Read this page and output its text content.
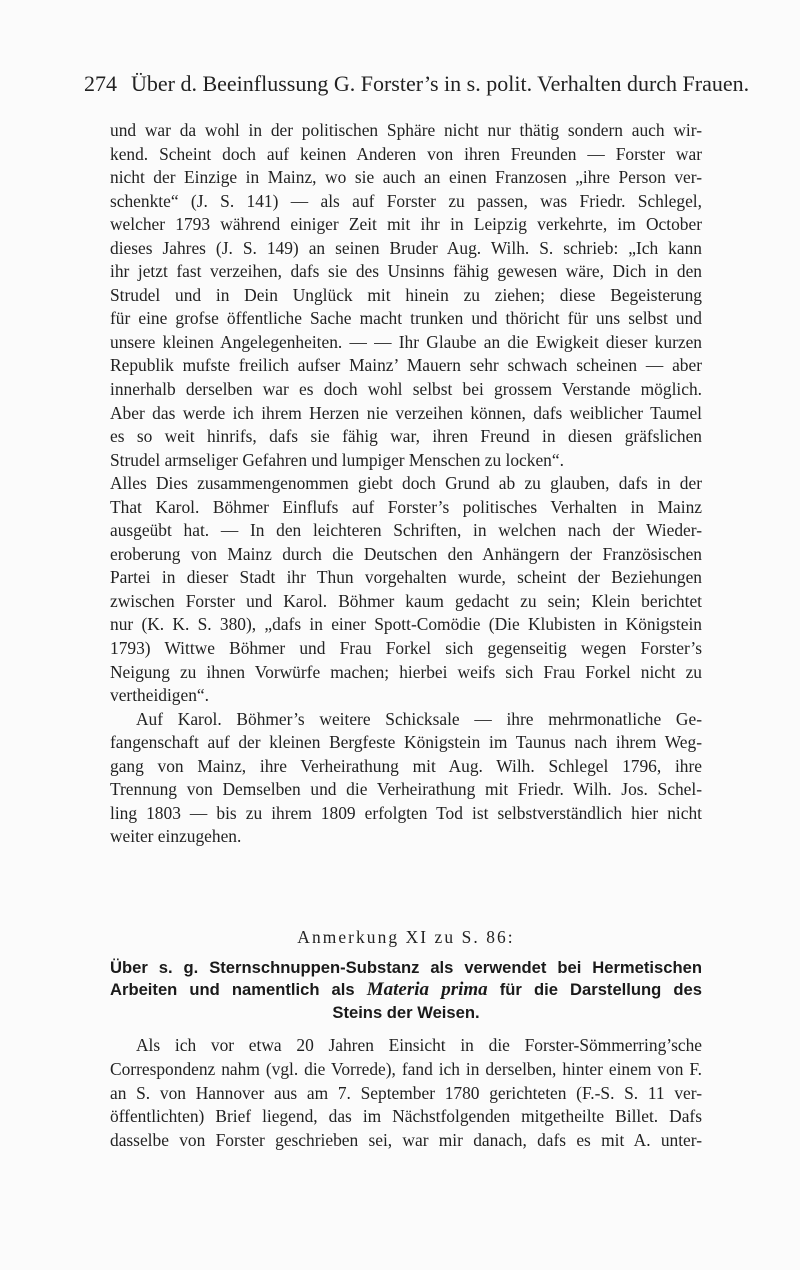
274 Über d. Beeinflussung G. Forster’s in s. polit. Verhalten durch Frauen.
und war da wohl in der politischen Sphäre nicht nur thätig sondern auch wir-
kend. Scheint doch auf keinen Anderen von ihren Freunden — Forster war
nicht der Einzige in Mainz, wo sie auch an einen Franzosen „ihre Person ver-
schenkte“ (J. S. 141) — als auf Forster zu passen, was Friedr. Schlegel,
welcher 1793 während einiger Zeit mit ihr in Leipzig verkehrte, im October
dieses Jahres (J. S. 149) an seinen Bruder Aug. Wilh. S. schrieb: „Ich kann
ihr jetzt fast verzeihen, dafs sie des Unsinns fähig gewesen wäre, Dich in den
Strudel und in Dein Unglück mit hinein zu ziehen; diese Begeisterung
für eine grofse öffentliche Sache macht trunken und thöricht für uns selbst und
unsere kleinen Angelegenheiten. — — Ihr Glaube an die Ewigkeit dieser kurzen
Republik mufste freilich aufser Mainz’ Mauern sehr schwach scheinen — aber
innerhalb derselben war es doch wohl selbst bei grossem Verstande möglich.
Aber das werde ich ihrem Herzen nie verzeihen können, dafs weiblicher Taumel
es so weit hinrifs, dafs sie fähig war, ihren Freund in diesen gräfslichen
Strudel armseliger Gefahren und lumpiger Menschen zu locken“.
Alles Dies zusammengenommen giebt doch Grund ab zu glauben, dafs in der
That Karol. Böhmer Einflufs auf Forster’s politisches Verhalten in Mainz
ausgeübt hat. — In den leichteren Schriften, in welchen nach der Wieder-
eroberung von Mainz durch die Deutschen den Anhängern der Französischen
Partei in dieser Stadt ihr Thun vorgehalten wurde, scheint der Beziehungen
zwischen Forster und Karol. Böhmer kaum gedacht zu sein; Klein berichtet
nur (K. K. S. 380), „dafs in einer Spott-Comödie (Die Klubisten in Königstein
1793) Wittwe Böhmer und Frau Forkel sich gegenseitig wegen Forster’s
Neigung zu ihnen Vorwürfe machen; hierbei weifs sich Frau Forkel nicht zu
vertheidigen“.
Auf Karol. Böhmer’s weitere Schicksale — ihre mehrmonatliche Ge-
fangenschaft auf der kleinen Bergfeste Königstein im Taunus nach ihrem Weg-
gang von Mainz, ihre Verheirathung mit Aug. Wilh. Schlegel 1796, ihre
Trennung von Demselben und die Verheirathung mit Friedr. Wilh. Jos. Schel-
ling 1803 — bis zu ihrem 1809 erfolgten Tod ist selbstverständlich hier nicht
weiter einzugehen.
Anmerkung XI zu S. 86:
Über s. g. Sternschnuppen-Substanz als verwendet bei Hermetischen
Arbeiten und namentlich als Materia prima für die Darstellung des
Steins der Weisen.
Als ich vor etwa 20 Jahren Einsicht in die Forster-Sömmerring’sche
Correspondenz nahm (vgl. die Vorrede), fand ich in derselben, hinter einem von F.
an S. von Hannover aus am 7. September 1780 gerichteten (F.-S. S. 11 ver-
öffentlichten) Brief liegend, das im Nächstfolgenden mitgetheilte Billet. Dafs
dasselbe von Forster geschrieben sei, war mir danach, dafs es mit A. unter-
